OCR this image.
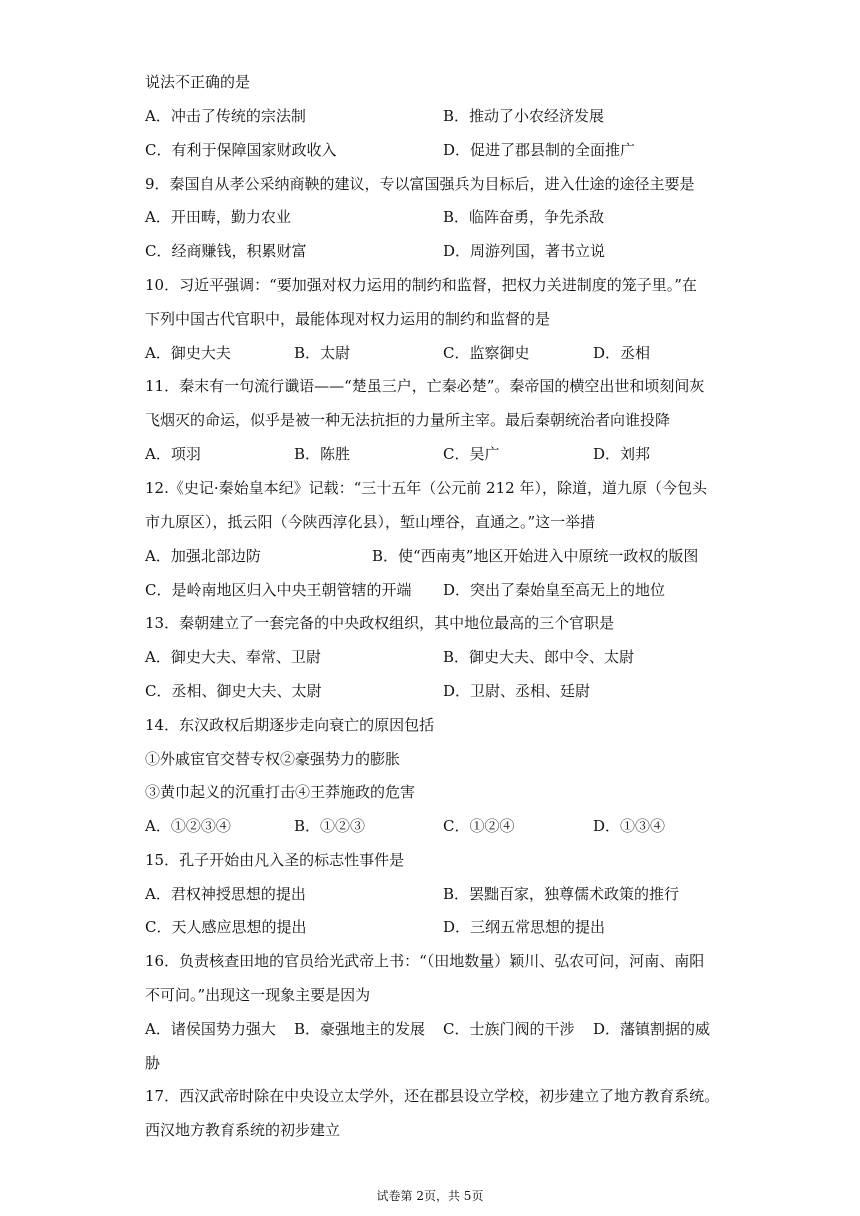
说法不正确的是
A．冲击了传统的宗法制	B．推动了小农经济发展
C．有利于保障国家财政收入	D．促进了郡县制的全面推广
9．秦国自从孝公采纳商鞅的建议，专以富国强兵为目标后，进入仕途的途径主要是
A．开田畴，勤力农业	B．临阵奋勇，争先杀敌
C．经商赚钱，积累财富	D．周游列国，著书立说
10．习近平强调：“要加强对权力运用的制约和监督，把权力关进制度的笼子里。”在
下列中国古代官职中，最能体现对权力运用的制约和监督的是
A．御史大夫	B．太尉	C．监察御史	D．丞相
11．秦末有一句流行谶语——“楚虽三户，亡秦必楚”。秦帝国的横空出世和顷刻间灰
飞烟灭的命运，似乎是被一种无法抗拒的力量所主宰。最后秦朝统治者向谁投降
A．项羽	B．陈胜	C．吴广	D．刘邦
12.《史记·秦始皇本纪》记载：“三十五年（公元前 212 年），除道，道九原（今包头
市九原区），抵云阳（今陕西淳化县），堑山堙谷，直通之。”这一举措
A．加强北部边防	B．使“西南夷”地区开始进入中原统一政权的版图
C．是岭南地区归入中央王朝管辖的开端 D．突出了秦始皇至高无上的地位
13．秦朝建立了一套完备的中央政权组织，其中地位最高的三个官职是
A．御史大夫、奉常、卫尉	B．御史大夫、郎中令、太尉
C．丞相、御史大夫、太尉	D．卫尉、丞相、廷尉
14．东汉政权后期逐步走向衰亡的原因包括
①外戚宦官交替专权②豪强势力的膨胀
③黄巾起义的沉重打击④王莽施政的危害
A．①②③④	B．①②③	C．①②④	D．①③④
15．孔子开始由凡入圣的标志性事件是
A．君权神授思想的提出	B．罢黜百家，独尊儒术政策的推行
C．天人感应思想的提出	D．三纲五常思想的提出
16．负责核查田地的官员给光武帝上书：“（田地数量）颖川、弘农可问，河南、南阳
不可问。”出现这一现象主要是因为
A．诸侯国势力强大 B．豪强地主的发展 C．士族门阀的干涉 D．藩镇割据的威
胁
17．西汉武帝时除在中央设立太学外，还在郡县设立学校，初步建立了地方教育系统。
西汉地方教育系统的初步建立
试卷第 2页，共 5页
